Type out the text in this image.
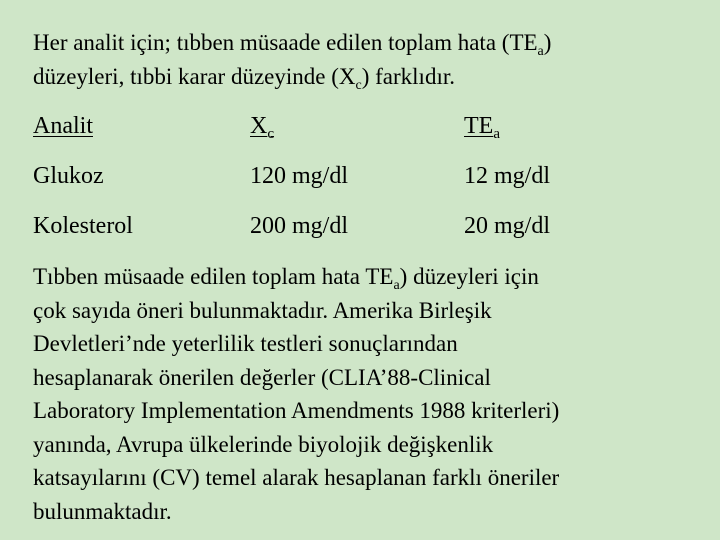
Her analit için; tıbben müsaade edilen toplam hata $(TE_a)$
düzeyleri, tıbbi karar düzeyinde $(X_c)$ farklıdır.
Analit	$X_c$	$TE_a$
Glukoz	120 mg/dl	12 mg/dl
Kolesterol	200 mg/dl	20 mg/dl
Tıbben müsaade edilen toplam hata $TE_a$) düzeyleri için
çok sayıda öneri bulunmaktadır. Amerika Birleşik
Devletleri’nde yeterlilik testleri sonuçlarından
hesaplanarak önerilen değerler (CLIA’88-Clinical
Laboratory Implementation Amendments 1988 kriterleri)
yanında, Avrupa ülkelerinde biyolojik değişkenlik
katsayılarını (CV) temel alarak hesaplanan farklı öneriler
bulunmaktadır.
